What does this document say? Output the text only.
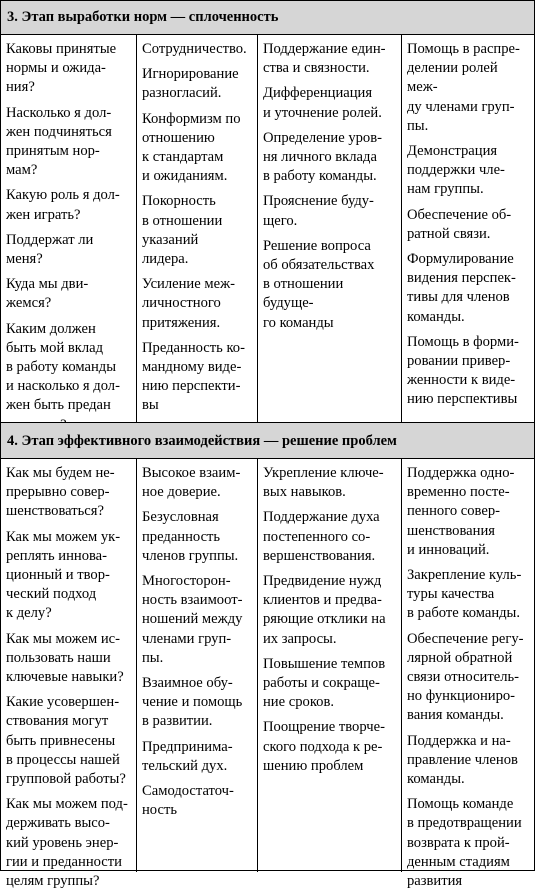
3. Этап выработки норм — сплоченность

Каковы принятые
нормы и ожида-
ния?

Насколько я дол-
жен подчиняться
принятым нор-
мам?

Какую роль я дол-
жен играть?

Поддержат ли
меня?

Куда мы дви-
жемся?

Каким должен
быть мой вклад
в работу команды
и насколько я дол-
жен быть предан

Сотрудничество.

Игнорирование
разногласий.

Конформизм по
отношению
к стандартам
и ожиданиям.

Покорность
в отношении
указаний
лидера.

Усиление меж-
личностного
притяжения.

Преданность ко-
мандному виде-
нию перспекти-
вы

Поддержание един-
ства и связности.

Дифференциация
и уточнение ролей.

Определение уров-
ня личного вклада
в работу команды.

Прояснение буду-
щего.

Решение вопроса
об обязательствах
в отношении будуще-
го команды

Помощь в распре-
делении ролей меж-
ду членами груп-
пы.

Демонстрация
поддержки чле-
нам группы.

Обеспечение об-
ратной связи.

Формулирование
видения перспек-
тивы для членов
команды.

Помощь в форми-
ровании привер-
женности к виде-
нию перспективы

4. Этап эффективного взаимодействия — решение проблем

Как мы будем не-
прерывно совер-
шенствоваться?

Как мы можем ук-
реплять иннова-
ционный и твор-
ческий подход
к делу?

Как мы можем ис-
пользовать наши
ключевые навыки?

Какие усовершен-
ствования могут
быть привнесены
в процессы нашей
групповой работы?

Как мы можем под-
держивать высо-
кий уровень энер-
гии и преданности
целям группы?

Высокое взаим-
ное доверие.

Безусловная
преданность
членов группы.

Многосторон-
ность взаимоот-
ношений между
членами груп-
пы.

Взаимное обу-
чение и помощь
в развитии.

Предпринима-
тельский дух.

Самодостаточ-
ность

Укрепление ключе-
вых навыков.

Поддержание духа
постепенного со-
вершенствования.

Предвидение нужд
клиентов и предва-
ряющие отклики на
их запросы.

Повышение темпов
работы и сокраще-
ние сроков.

Поощрение творче-
ского подхода к ре-
шению проблем

Поддержка одно-
временно посте-
пенного совер-
шенствования
и инноваций.

Закрепление куль-
туры качества
в работе команды.

Обеспечение регу-
лярной обратной
связи относитель-
но функциониро-
вания команды.

Поддержка и на-
правление членов
команды.

Помощь команде
в предотвращении
возврата к прой-
денным стадиям
развития
